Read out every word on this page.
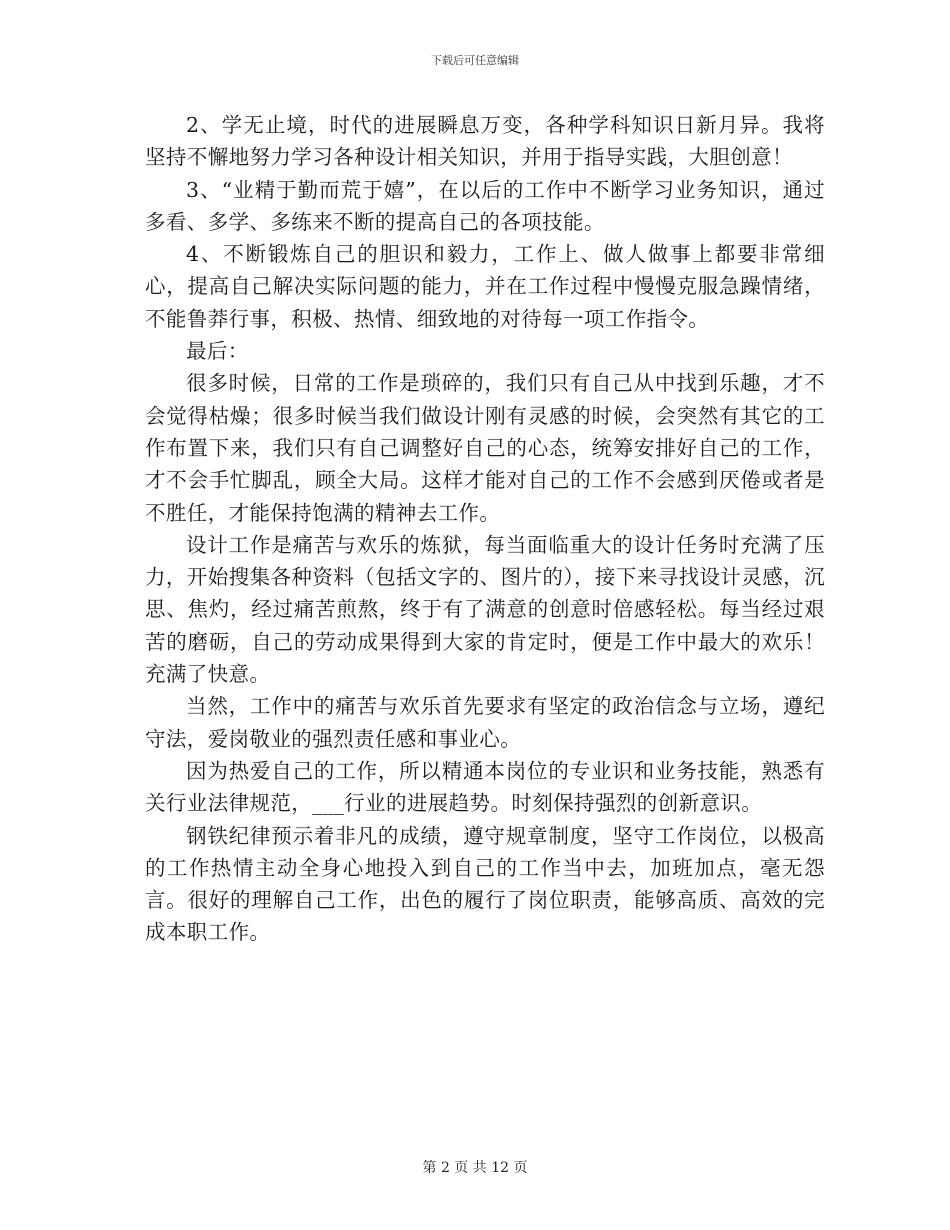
下载后可任意编辑

2、学无止境，时代的进展瞬息万变，各种学科知识日新月异。我将坚持不懈地努力学习各种设计相关知识，并用于指导实践，大胆创意！

3、“业精于勤而荒于嬉”，在以后的工作中不断学习业务知识，通过多看、多学、多练来不断的提高自己的各项技能。

4、不断锻炼自己的胆识和毅力，工作上、做人做事上都要非常细心，提高自己解决实际问题的能力，并在工作过程中慢慢克服急躁情绪，不能鲁莽行事，积极、热情、细致地的对待每一项工作指令。

最后：

很多时候，日常的工作是琐碎的，我们只有自己从中找到乐趣，才不会觉得枯燥；很多时候当我们做设计刚有灵感的时候，会突然有其它的工作布置下来，我们只有自己调整好自己的心态，统筹安排好自己的工作，才不会手忙脚乱，顾全大局。这样才能对自己的工作不会感到厌倦或者是不胜任，才能保持饱满的精神去工作。

设计工作是痛苦与欢乐的炼狱，每当面临重大的设计任务时充满了压力，开始搜集各种资料（包括文字的、图片的），接下来寻找设计灵感，沉思、焦灼，经过痛苦煎熬，终于有了满意的创意时倍感轻松。每当经过艰苦的磨砺，自己的劳动成果得到大家的肯定时，便是工作中最大的欢乐！充满了快意。

当然，工作中的痛苦与欢乐首先要求有坚定的政治信念与立场，遵纪守法，爱岗敬业的强烈责任感和事业心。

因为热爱自己的工作，所以精通本岗位的专业识和业务技能，熟悉有关行业法律规范，___行业的进展趋势。时刻保持强烈的创新意识。

钢铁纪律预示着非凡的成绩，遵守规章制度，坚守工作岗位，以极高的工作热情主动全身心地投入到自己的工作当中去，加班加点，毫无怨言。很好的理解自己工作，出色的履行了岗位职责，能够高质、高效的完成本职工作。

第 2 页 共 12 页
